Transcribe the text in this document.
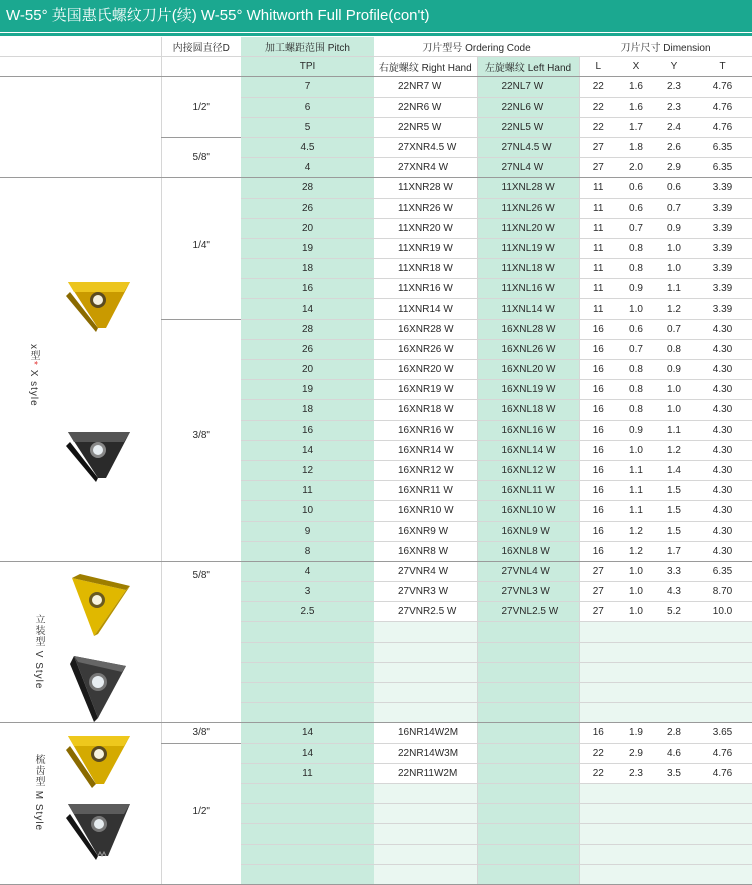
W-55° 英国惠氏螺纹刀片(续) W-55° Whitworth Full Profile(con't)
	内接圆直径D	加工螺距范围 Pitch	刀片型号 Ordering Code		刀片尺寸 Dimension			
		TPI	右旋螺纹 Right Hand	左旋螺纹 Left Hand	L	X	Y	T
	1/2"	7	22NR7 W	22NL7 W	22	1.6	2.3	4.76
		6	22NR6 W	22NL6 W	22	1.6	2.3	4.76
		5	22NR5 W	22NL5 W	22	1.7	2.4	4.76
	5/8"	4.5	27XNR4.5 W	27NL4.5 W	27	1.8	2.6	6.35
		4	27XNR4 W	27NL4 W	27	2.0	2.9	6.35
	1/4"	28	11XNR28 W	11XNL28 W	11	0.6	0.6	3.39
		26	11XNR26 W	11XNL26 W	11	0.6	0.7	3.39
		20	11XNR20 W	11XNL20 W	11	0.7	0.9	3.39
		19	11XNR19 W	11XNL19 W	11	0.8	1.0	3.39
		18	11XNR18 W	11XNL18 W	11	0.8	1.0	3.39
		16	11XNR16 W	11XNL16 W	11	0.9	1.1	3.39
		14	11XNR14 W	11XNL14 W	11	1.0	1.2	3.39
	3/8"	28	16XNR28 W	16XNL28 W	16	0.6	0.7	4.30
		26	16XNR26 W	16XNL26 W	16	0.7	0.8	4.30
		20	16XNR20 W	16XNL20 W	16	0.8	0.9	4.30
		19	16XNR19 W	16XNL19 W	16	0.8	1.0	4.30
		18	16XNR18 W	16XNL18 W	16	0.8	1.0	4.30
		16	16XNR16 W	16XNL16 W	16	0.9	1.1	4.30
		14	16XNR14 W	16XNL14 W	16	1.0	1.2	4.30
		12	16XNR12 W	16XNL12 W	16	1.1	1.4	4.30
		11	16XNR11 W	16XNL11 W	16	1.1	1.5	4.30
		10	16XNR10 W	16XNL10 W	16	1.1	1.5	4.30
		9	16XNR9 W	16XNL9 W	16	1.2	1.5	4.30
		8	16XNR8 W	16XNL8 W	16	1.2	1.7	4.30
	5/8"	4	27VNR4 W	27VNL4 W	27	1.0	3.3	6.35
		3	27VNR3 W	27VNL3 W	27	1.0	4.3	8.70
		2.5	27VNR2.5 W	27VNL2.5 W	27	1.0	5.2	10.0

	3/8"	14	16NR14W2M		16	1.9	2.8	3.65
	1/2"	14	22NR14W3M		22	2.9	4.6	4.76
		11	22NR11W2M		22	2.3	3.5	4.76

x型* X style
立装型 V Style
梳齿型 M Style
